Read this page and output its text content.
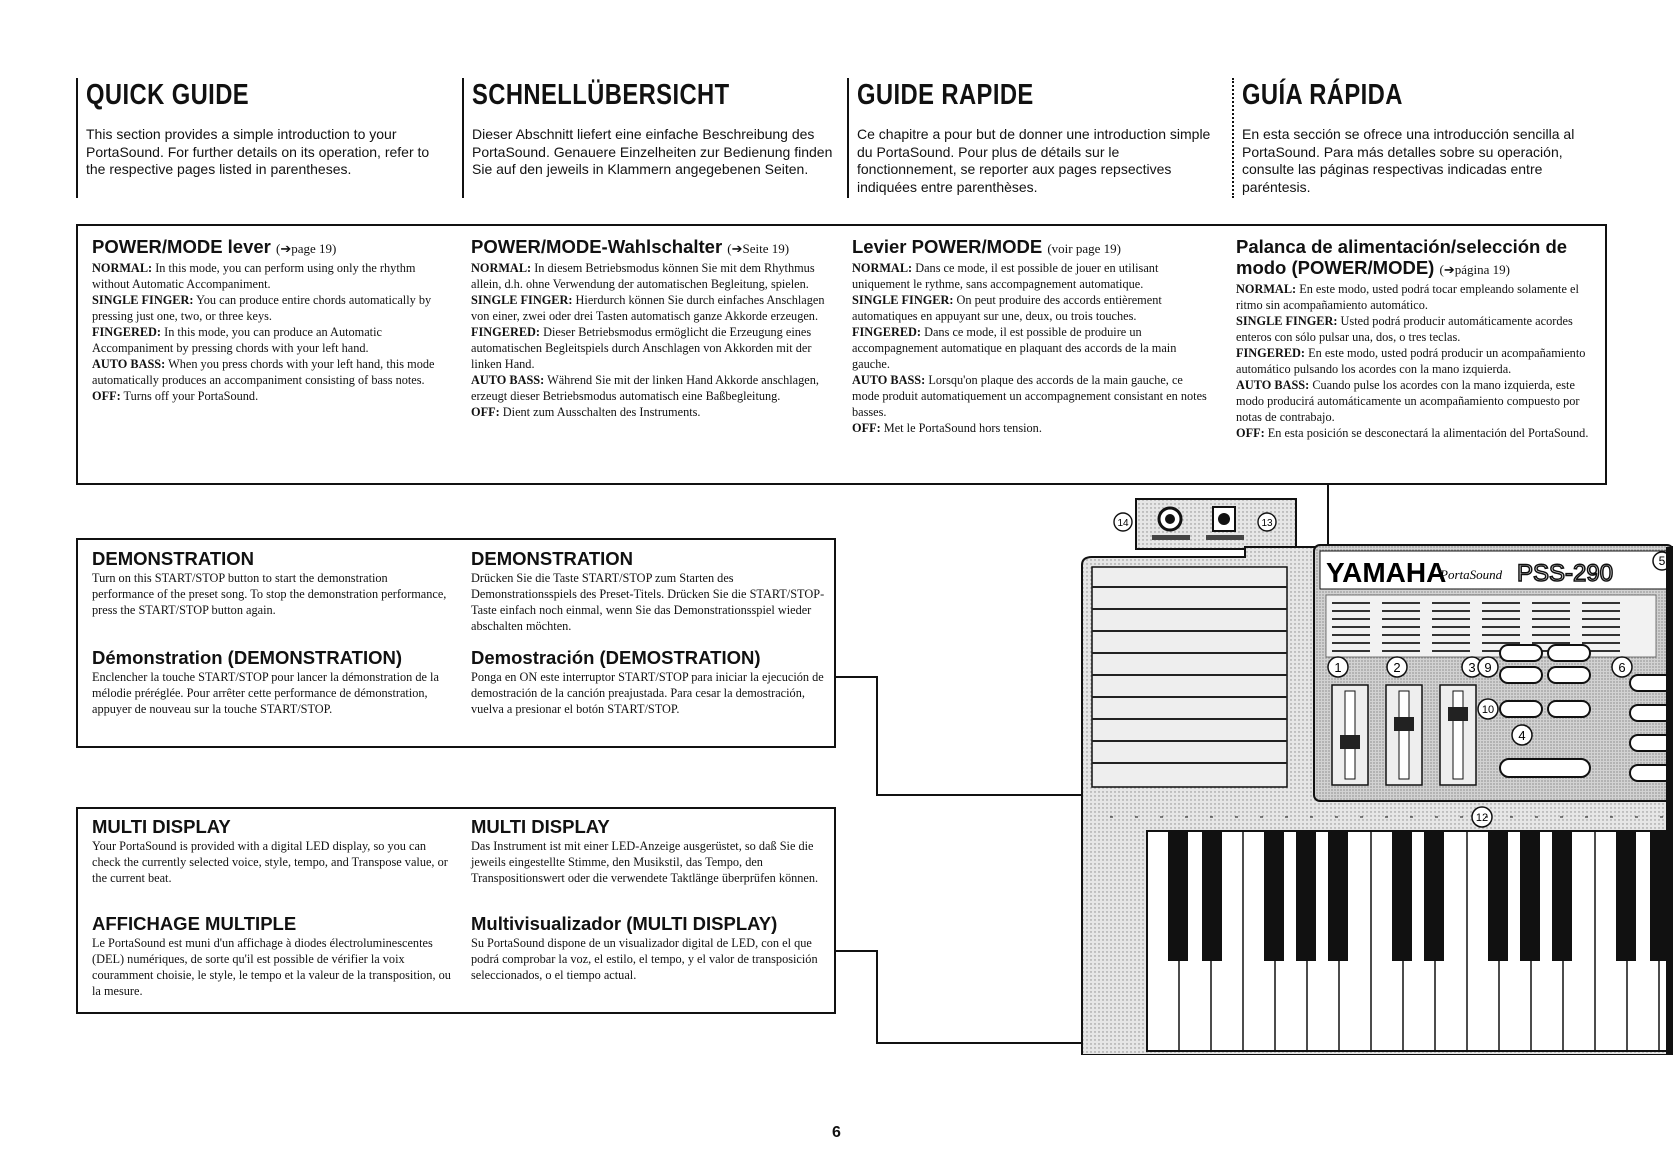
QUICK GUIDE
This section provides a simple introduction to your PortaSound. For further details on its operation, refer to the respective pages listed in parentheses.
SCHNELLÜBERSICHT
Dieser Abschnitt liefert eine einfache Beschreibung des PortaSound. Genauere Einzelheiten zur Bedienung finden Sie auf den jeweils in Klammern angegebenen Seiten.
GUIDE RAPIDE
Ce chapitre a pour but de donner une introduction simple du PortaSound. Pour plus de détails sur le fonctionnement, se reporter aux pages repsectives indiquées entre parenthèses.
GUÍA RÁPIDA
En esta sección se ofrece una introducción sencilla al PortaSound. Para más detalles sobre su operación, consulte las páginas respectivas indicadas entre paréntesis.
POWER/MODE lever (➔page 19)

NORMAL: In this mode, you can perform using only the rhythm without Automatic Accompaniment.

SINGLE FINGER: You can produce entire chords automatically by pressing just one, two, or three keys.

FINGERED: In this mode, you can produce an Automatic Accompaniment by pressing chords with your left hand.

AUTO BASS: When you press chords with your left hand, this mode automatically produces an accompaniment consisting of bass notes.

OFF: Turns off your PortaSound.

POWER/MODE-Wahlschalter (➔Seite 19)

NORMAL: In diesem Betriebsmodus können Sie mit dem Rhythmus allein, d.h. ohne Verwendung der automatischen Begleitung, spielen.

SINGLE FINGER: Hierdurch können Sie durch einfaches Anschlagen von einer, zwei oder drei Tasten automatisch ganze Akkorde erzeugen.

FINGERED: Dieser Betriebsmodus ermöglicht die Erzeugung eines automatischen Begleitspiels durch Anschlagen von Akkorden mit der linken Hand.

AUTO BASS: Während Sie mit der linken Hand Akkorde anschlagen, erzeugt dieser Betriebsmodus automatisch eine Baßbegleitung.

OFF: Dient zum Ausschalten des Instruments.

Levier POWER/MODE (voir page 19)

NORMAL: Dans ce mode, il est possible de jouer en utilisant uniquement le rythme, sans accompagnement automatique.

SINGLE FINGER: On peut produire des accords entièrement automatiques en appuyant sur une, deux, ou trois touches.

FINGERED: Dans ce mode, il est possible de produire un accompagnement automatique en plaquant des accords de la main gauche.

AUTO BASS: Lorsqu'on plaque des accords de la main gauche, ce mode produit automatiquement un accompagnement consistant en notes basses.

OFF: Met le PortaSound hors tension.

Palanca de alimentación/selección de modo (POWER/MODE) (➔página 19)

NORMAL: En este modo, usted podrá tocar empleando solamente el ritmo sin acompañamiento automático.

SINGLE FINGER: Usted podrá producir automáticamente acordes enteros con sólo pulsar una, dos, o tres teclas.

FINGERED: En este modo, usted podrá producir un acompañamiento automático pulsando los acordes con la mano izquierda.

AUTO BASS: Cuando pulse los acordes con la mano izquierda, este modo producirá automáticamente un acompañamiento compuesto por notas de contrabajo.

OFF: En esta posición se desconectará la alimentación del PortaSound.

DEMONSTRATION
Turn on this START/STOP button to start the demonstration performance of the preset song. To stop the demonstration performance, press the START/STOP button again.
DEMONSTRATION
Drücken Sie die Taste START/STOP zum Starten des Demonstrationsspiels des Preset-Titels. Drücken Sie die START/STOP-Taste einfach noch einmal, wenn Sie das Demonstrationsspiel wieder abschalten möchten.
Démonstration (DEMONSTRATION)
Enclencher la touche START/STOP pour lancer la démonstration de la mélodie préréglée. Pour arrêter cette performance de démonstration, appuyer de nouveau sur la touche START/STOP.
Demostración (DEMOSTRATION)
Ponga en ON este interruptor START/STOP para iniciar la ejecución de demostración de la canción preajustada. Para cesar la demostración, vuelva a presionar el botón START/STOP.
MULTI DISPLAY
Your PortaSound is provided with a digital LED display, so you can check the currently selected voice, style, tempo, and Transpose value, or the current beat.
MULTI DISPLAY
Das Instrument ist mit einer LED-Anzeige ausgerüstet, so daß Sie die jeweils eingestellte Stimme, den Musikstil, das Tempo, den Transpositionswert oder die verwendete Taktlänge überprüfen können.
AFFICHAGE MULTIPLE
Le PortaSound est muni d'un affichage à diodes électroluminescentes (DEL) numériques, de sorte qu'il est possible de vérifier la voix couramment choisie, le style, le tempo et la valeur de la transposition, ou la mesure.
Multivisualizador (MULTI DISPLAY)
Su PortaSound dispone de un visualizador digital de LED, con el que podrá comprobar la voz, el estilo, el tempo, y el valor de transposición seleccionados, o el tiempo actual.
14	13
YAMAHA
PortaSound PSS-290
1	2	3 9
10
4
6
5
12
6
